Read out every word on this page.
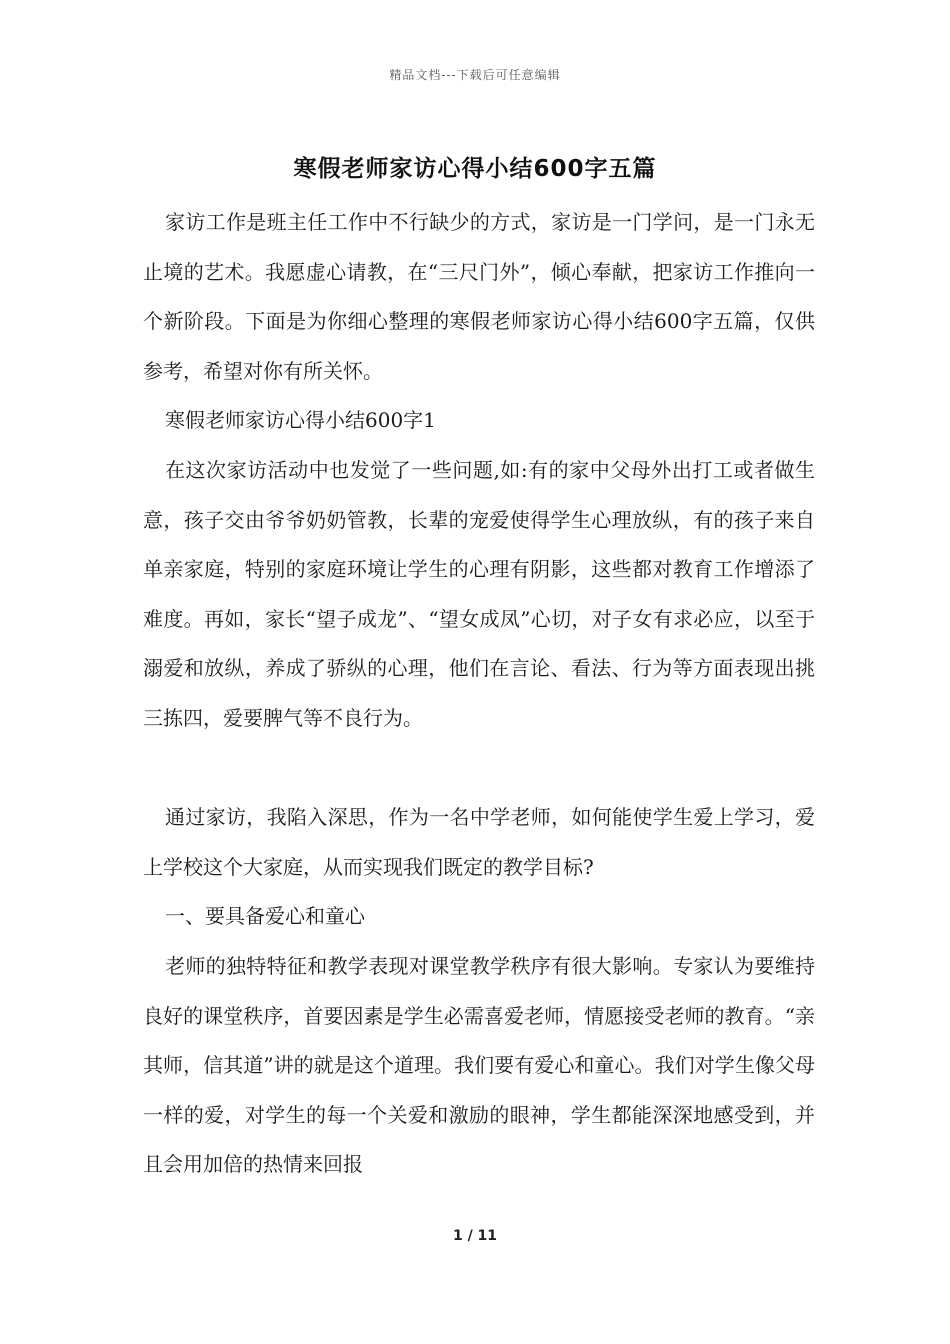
精品文档---下载后可任意编辑
寒假老师家访心得小结600字五篇

家访工作是班主任工作中不行缺少的方式，家访是一门学问，是一门永无止境的艺术。我愿虚心请教，在“三尺门外”，倾心奉献，把家访工作推向一个新阶段。下面是为你细心整理的寒假老师家访心得小结600字五篇，仅供参考，希望对你有所关怀。

寒假老师家访心得小结600字1

在这次家访活动中也发觉了一些问题,如:有的家中父母外出打工或者做生意，孩子交由爷爷奶奶管教，长辈的宠爱使得学生心理放纵，有的孩子来自单亲家庭，特别的家庭环境让学生的心理有阴影，这些都对教育工作增添了难度。再如，家长“望子成龙”、“望女成凤”心切，对子女有求必应，以至于溺爱和放纵，养成了骄纵的心理，他们在言论、看法、行为等方面表现出挑三拣四，爱要脾气等不良行为。

通过家访，我陷入深思，作为一名中学老师，如何能使学生爱上学习，爱上学校这个大家庭，从而实现我们既定的教学目标?

一、要具备爱心和童心

老师的独特特征和教学表现对课堂教学秩序有很大影响。专家认为要维持良好的课堂秩序，首要因素是学生必需喜爱老师，情愿接受老师的教育。“亲其师，信其道”讲的就是这个道理。我们要有爱心和童心。我们对学生像父母一样的爱，对学生的每一个关爱和激励的眼神，学生都能深深地感受到，并且会用加倍的热情来回报

1 / 11
